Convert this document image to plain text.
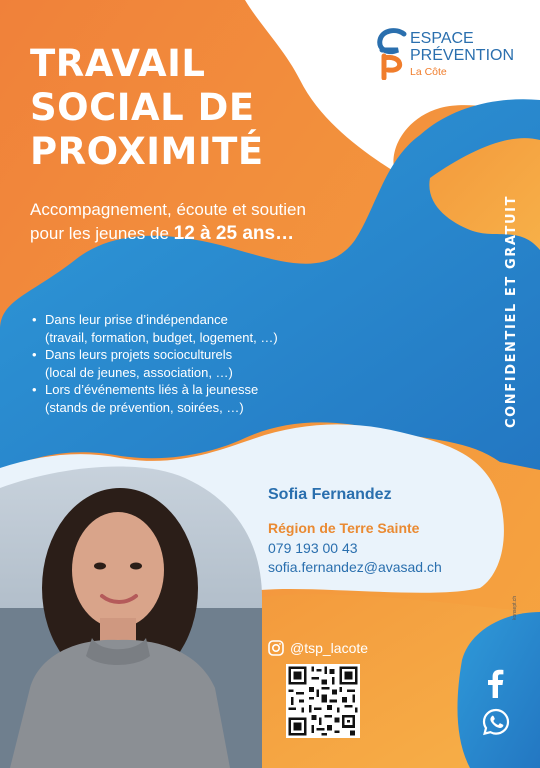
TRAVAIL
SOCIAL DE
PROXIMITÉ
ESPACE
PRÉVENTION
La Côte
Accompagnement, écoute et soutien
pour les jeunes de 12 à 25 ans…
• Dans leur prise d’indépendance
(travail, formation, budget, logement, …)
• Dans leurs projets socioculturels
(local de jeunes, association, …)
• Lors d’événements liés à la jeunesse
(stands de prévention, soirées, …)	CONFIDENTIEL ET GRATUIT
Sofia Fernandez
Région de Terre Sainte
079 193 00 43
sofia.fernandez@avasad.ch
konsept.ch
@tsp_lacote
